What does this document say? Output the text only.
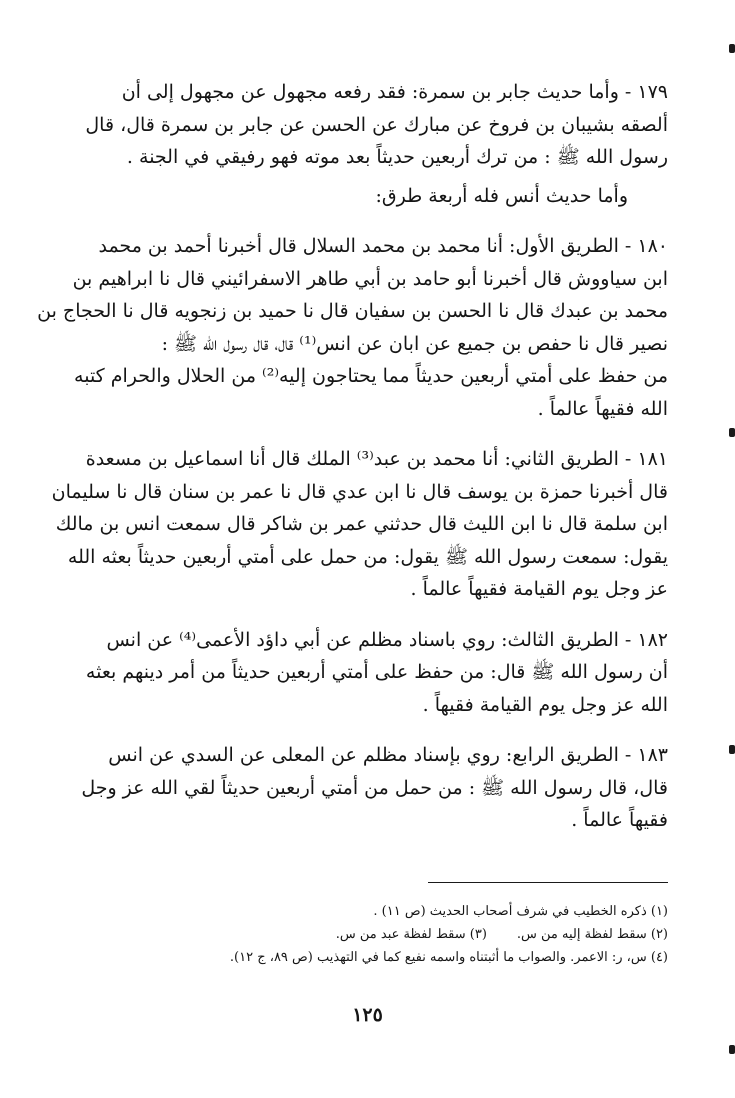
١٧٩ - وأما حديث جابر بن سمرة: فقد رفعه مجهول عن مجهول إلى أن
ألصقه بشيبان بن فروخ عن مبارك عن الحسن عن جابر بن سمرة قال، قال
رسول الله ﷺ : من ترك أربعين حديثاً بعد موته فهو رفيقي في الجنة .

وأما حديث أنس فله أربعة طرق:

١٨٠ - الطريق الأول: أنا محمد بن محمد السلال قال أخبرنا أحمد بن محمد
ابن سياووش قال أخبرنا أبو حامد بن أبي طاهر الاسفرائيني قال نا ابراهيم بن
محمد بن عبدك قال نا الحسن بن سفيان قال نا حميد بن زنجويه قال نا الحجاج بن
نصير قال نا حفص بن جميع عن ابان عن انس⁽¹⁾ قال، قال رسول الله ﷺ :
من حفظ على أمتي أربعين حديثاً مما يحتاجون إليه⁽²⁾ من الحلال والحرام كتبه
الله فقيهاً عالماً .

١٨١ - الطريق الثاني: أنا محمد بن عبد⁽³⁾ الملك قال أنا اسماعيل بن مسعدة
قال أخبرنا حمزة بن يوسف قال نا ابن عدي قال نا عمر بن سنان قال نا سليمان
ابن سلمة قال نا ابن الليث قال حدثني عمر بن شاكر قال سمعت انس بن مالك
يقول: سمعت رسول الله ﷺ يقول: من حمل على أمتي أربعين حديثاً بعثه الله
عز وجل يوم القيامة فقيهاً عالماً .

١٨٢ - الطريق الثالث: روي باسناد مظلم عن أبي داؤد الأعمى⁽⁴⁾ عن انس
أن رسول الله ﷺ قال: من حفظ على أمتي أربعين حديثاً من أمر دينهم بعثه
الله عز وجل يوم القيامة فقيهاً .

١٨٣ - الطريق الرابع: روي بإسناد مظلم عن المعلى عن السدي عن انس
قال، قال رسول الله ﷺ : من حمل من أمتي أربعين حديثاً لقي الله عز وجل
فقيهاً عالماً .

(١) ذكره الخطيب في شرف أصحاب الحديث (ص ١١) .
(٢) سقط لفظة إليه من س.(٣) سقط لفظة عبد من س.
(٤) س، ر: الاعمر. والصواب ما أثبتناه واسمه نفيع كما في التهذيب (ص ٨٩، ج ١٢).
١٢٥
